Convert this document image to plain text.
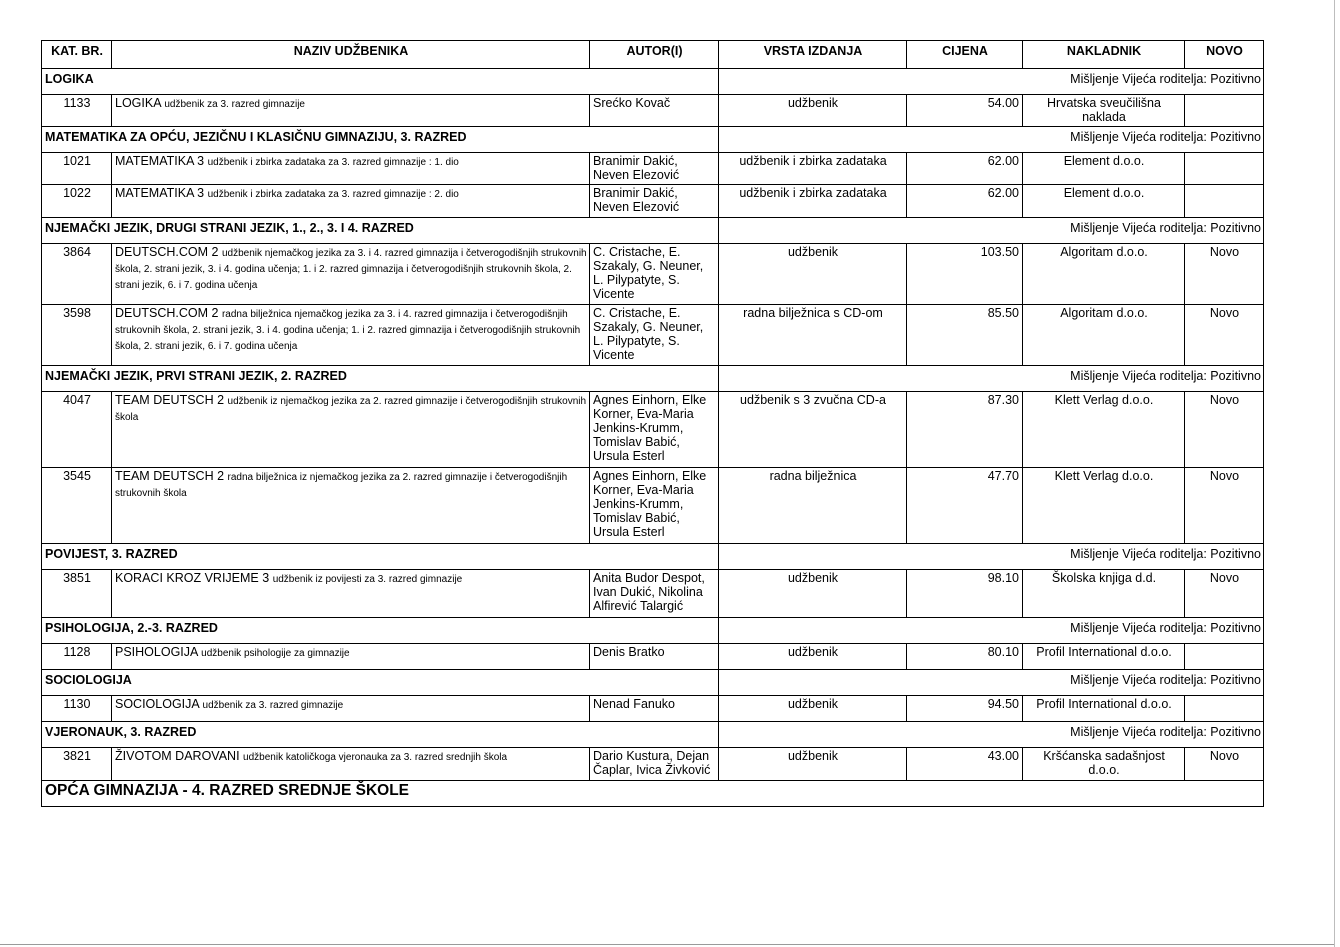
KAT. BR.	NAZIV UDŽBENIKA	AUTOR(I)	VRSTA IZDANJA	CIJENA	NAKLADNIK	NOVO
LOGIKA			Mišljenje Vijeća roditelja: Pozitivno			
1133	LOGIKA udžbenik za 3. razred gimnazije	Srećko Kovač	udžbenik	54.00	Hrvatska sveučilišna naklada	
MATEMATIKA ZA OPĆU, JEZIČNU I KLASIČNU GIMNAZIJU, 3. RAZRED			Mišljenje Vijeća roditelja: Pozitivno			
1021	MATEMATIKA 3 udžbenik i zbirka zadataka za 3. razred gimnazije : 1. dio	Branimir Dakić, Neven Elezović	udžbenik i zbirka zadataka	62.00	Element d.o.o.	
1022	MATEMATIKA 3 udžbenik i zbirka zadataka za 3. razred gimnazije : 2. dio	Branimir Dakić, Neven Elezović	udžbenik i zbirka zadataka	62.00	Element d.o.o.	
NJEMAČKI JEZIK, DRUGI STRANI JEZIK, 1., 2., 3. I 4. RAZRED			Mišljenje Vijeća roditelja: Pozitivno			
3864	DEUTSCH.COM 2 udžbenik njemačkog jezika za 3. i 4. razred gimnazija i četverogodišnjih strukovnih škola, 2. strani jezik, 3. i 4. godina učenja; 1. i 2. razred gimnazija i četverogodišnjih strukovnih škola, 2. strani jezik, 6. i 7. godina učenja	C. Cristache, E. Szakaly, G. Neuner, L. Pilypatyte, S. Vicente	udžbenik	103.50	Algoritam d.o.o.	Novo
3598	DEUTSCH.COM 2 radna bilježnica njemačkog jezika za 3. i 4. razred gimnazija i četverogodišnjih strukovnih škola, 2. strani jezik, 3. i 4. godina učenja; 1. i 2. razred gimnazija i četverogodišnjih strukovnih škola, 2. strani jezik, 6. i 7. godina učenja	C. Cristache, E. Szakaly, G. Neuner, L. Pilypatyte, S. Vicente	radna bilježnica s CD-om	85.50	Algoritam d.o.o.	Novo
NJEMAČKI JEZIK, PRVI STRANI JEZIK, 2. RAZRED			Mišljenje Vijeća roditelja: Pozitivno			
4047	TEAM DEUTSCH 2 udžbenik iz njemačkog jezika za 2. razred gimnazije i četverogodišnjih strukovnih škola	Agnes Einhorn, Elke Korner, Eva-Maria Jenkins-Krumm, Tomislav Babić, Ursula Esterl	udžbenik s 3 zvučna CD-a	87.30	Klett Verlag d.o.o.	Novo
3545	TEAM DEUTSCH 2 radna bilježnica iz njemačkog jezika za 2. razred gimnazije i četverogodišnjih strukovnih škola	Agnes Einhorn, Elke Korner, Eva-Maria Jenkins-Krumm, Tomislav Babić, Ursula Esterl	radna bilježnica	47.70	Klett Verlag d.o.o.	Novo
POVIJEST, 3. RAZRED			Mišljenje Vijeća roditelja: Pozitivno			
3851	KORACI KROZ VRIJEME 3 udžbenik iz povijesti za 3. razred gimnazije	Anita Budor Despot, Ivan Dukić, Nikolina Alfirević Talargić	udžbenik	98.10	Školska knjiga d.d.	Novo
PSIHOLOGIJA, 2.-3. RAZRED			Mišljenje Vijeća roditelja: Pozitivno			
1128	PSIHOLOGIJA udžbenik psihologije za gimnazije	Denis Bratko	udžbenik	80.10	Profil International d.o.o.	
SOCIOLOGIJA			Mišljenje Vijeća roditelja: Pozitivno			
1130	SOCIOLOGIJA udžbenik za 3. razred gimnazije	Nenad Fanuko	udžbenik	94.50	Profil International d.o.o.	
VJERONAUK, 3. RAZRED			Mišljenje Vijeća roditelja: Pozitivno			
3821	ŽIVOTOM DAROVANI udžbenik katoličkoga vjeronauka za 3. razred srednjih škola	Dario Kustura, Dejan Čaplar, Ivica Živković	udžbenik	43.00	Kršćanska sadašnjost d.o.o.	Novo
OPĆA GIMNAZIJA - 4. RAZRED SREDNJE ŠKOLE						
